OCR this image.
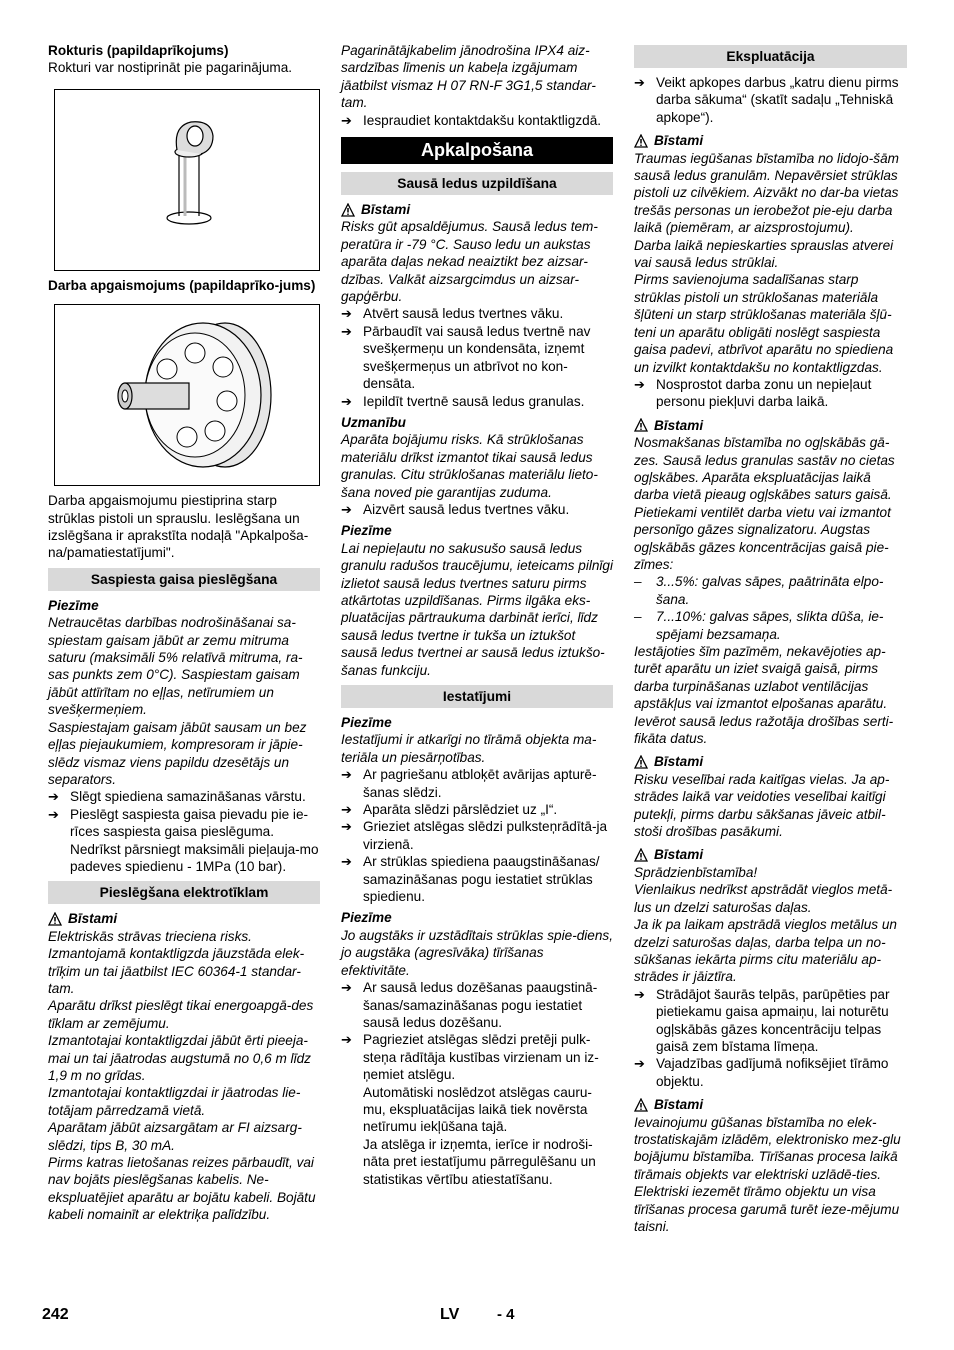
Rokturis (papildaprīkojums)

Rokturi var nostiprināt pie pagarinājuma.

Darba apgaismojums (papildaprīko-jums)

Darba apgaismojumu piestiprina starp strūklas pistoli un sprauslu. Ieslēgšana un izslēgšana ir aprakstīta nodaļā "Apkalpoša-na/pamatiestatījumi".

Saspiesta gaisa pieslēgšana

Piezīme

Netraucētas darbības nodrošināšanai sa-spiestam gaisam jābūt ar zemu mitruma saturu (maksimāli 5% relatīvā mitruma, ra-sas punkts zem 0°C). Saspiestam gaisam jābūt attīrītam no eļļas, netīrumiem un svešķermeņiem.

Saspiestajam gaisam jābūt sausam un bez eļļas piejaukumiem, kompresoram ir jāpie-slēdz vismaz viens papildu dzesētājs un separators.

➔ Slēgt spiediena samazināšanas vārstu.
➔ Pieslēgt saspiesta gaisa pievadu pie ie-rīces saspiesta gaisa pieslēguma.

Nedrīkst pārsniegt maksimāli pieļauja-mo padeves spiedienu - 1MPa (10 bar).

Pieslēgšana elektrotīklam
Bīstami

Elektriskās strāvas trieciena risks.

Izmantojamā kontaktligzda jāuzstāda elek-trīķim un tai jāatbilst IEC 60364-1 standar-tam.

Aparātu drīkst pieslēgt tikai energoapgā-des tīklam ar zemējumu.

Izmantotajai kontaktligzdai jābūt ērti pieeja-mai un tai jāatrodas augstumā no 0,6 m līdz 1,9 m no grīdas.

Izmantotajai kontaktligzdai ir jāatrodas lie-totājam pārredzamā vietā.

Aparātam jābūt aizsargātam ar FI aizsarg-slēdzi, tips B, 30 mA.

Pirms katras lietošanas reizes pārbaudīt, vai nav bojāts pieslēgšanas kabelis. Ne-ekspluatējiet aparātu ar bojātu kabeli. Bojātu kabeli nomainīt ar elektriķa palīdzību.

Pagarinātājkabelim jānodrošina IPX4 aiz-sardzības līmenis un kabeļa izgājumam jāatbilst vismaz H 07 RN-F 3G1,5 standar-tam.

➔ Iespraudiet kontaktdakšu kontaktligzdā.
Apkalpošana
Sausā ledus uzpildīšana
Bīstami

Risks gūt apsaldējumus. Sausā ledus tem-peratūra ir -79 °C. Sauso ledu un aukstas aparāta daļas nekad neaiztikt bez aizsar-dzības. Valkāt aizsargcimdus un aizsar-gapģērbu.

➔ Atvērt sausā ledus tvertnes vāku.
➔ Pārbaudīt vai sausā ledus tvertnē nav svešķermeņu un kondensāta, izņemt svešķermeņus un atbrīvot no kon-densāta.
➔ Iepildīt tvertnē sausā ledus granulas.

Uzmanību

Aparāta bojājumu risks. Kā strūklošanas materiālu drīkst izmantot tikai sausā ledus granulas. Citu strūklošanas materiālu lieto-šana noved pie garantijas zuduma.

➔ Aizvērt sausā ledus tvertnes vāku.

Piezīme

Lai nepieļautu no sakusušo sausā ledus granulu radušos traucējumu, ieteicams pilnīgi izlietot sausā ledus tvertnes saturu pirms atkārtotas uzpildīšanas. Pirms ilgāka eks-pluatācijas pārtraukuma darbināt ierīci, līdz sausā ledus tvertne ir tukša un iztukšot sausā ledus tvertnei ar sausā ledus iztukšo-šanas funkciju.

Iestatījumi

Piezīme

Iestatījumi ir atkarīgi no tīrāmā objekta ma-teriāla un piesārņotības.

➔ Ar pagriešanu atbloķēt avārijas apturē-šanas slēdzi.
➔ Aparāta slēdzi pārslēdziet uz „I“.
➔ Grieziet atslēgas slēdzi pulksteņrādītā-ja virzienā.
➔ Ar strūklas spiediena paaugstināšanas/ samazināšanas pogu iestatiet strūklas spiedienu.

Piezīme

Jo augstāks ir uzstādītais strūklas spie-diens, jo augstāka (agresīvāka) tīrīšanas efektivitāte.

➔ Ar sausā ledus dozēšanas paaugstinā-šanas/samazināšanas pogu iestatiet sausā ledus dozēšanu.
➔ Pagrieziet atslēgas slēdzi pretēji pulk-steņa rādītāja kustības virzienam un iz-ņemiet atslēgu.

Automātiski noslēdzot atslēgas cauru-mu, ekspluatācijas laikā tiek novērsta netīrumu iekļūšana tajā.

Ja atslēga ir izņemta, ierīce ir nodroši-nāta pret iestatījumu pārregulēšanu un statistikas vērtību atiestatīšanu.

Ekspluatācija
➔ Veikt apkopes darbus „katru dienu pirms darba sākuma“ (skatīt sadaļu „Tehniskā apkope“).
Bīstami

Traumas iegūšanas bīstamība no lidojo-šām sausā ledus granulām. Nepavērsiet strūklas pistoli uz cilvēkiem. Aizvākt no dar-ba vietas trešās personas un ierobežot pie-eju darba laikā (piemēram, ar aizsprostojumu).

Darba laikā nepieskarties sprauslas atverei vai sausā ledus strūklai.

Pirms savienojuma sadalīšanas starp strūklas pistoli un strūklošanas materiāla šļūteni un starp strūklošanas materiāla šļū-teni un aparātu obligāti noslēgt saspiesta gaisa padevi, atbrīvot aparātu no spiediena un izvilkt kontaktdakšu no kontaktligzdas.

➔ Nosprostot darba zonu un nepieļaut personu piekļuvi darba laikā.
Bīstami

Nosmakšanas bīstamība no ogļskābās gā-zes. Sausā ledus granulas sastāv no cietas ogļskābes. Aparāta ekspluatācijas laikā darba vietā pieaug ogļskābes saturs gaisā. Pietiekami ventilēt darba vietu vai izmantot personīgo gāzes signalizatoru. Augstas ogļskābās gāzes koncentrācijas gaisā pie-zīmes:

– 3...5%: galvas sāpes, paātrināta elpo-šana.
– 7...10%: galvas sāpes, slikta dūša, ie-spējami bezsamaņa.

Iestājoties šīm pazīmēm, nekavējoties ap-turēt aparātu un iziet svaigā gaisā, pirms darba turpināšanas uzlabot ventilācijas apstākļus vai izmantot elpošanas aparātu. Ievērot sausā ledus ražotāja drošības serti-fikāta datus.

Bīstami

Risku veselībai rada kaitīgas vielas. Ja ap-strādes laikā var veidoties veselībai kaitīgi putekļi, pirms darbu sākšanas jāveic atbil-stoši drošības pasākumi.

Bīstami

Sprādzienbīstamība!

Vienlaikus nedrīkst apstrādāt vieglos metā-lus un dzelzi saturošas daļas.

Ja ik pa laikam apstrādā vieglos metālus un dzelzi saturošas daļas, darba telpa un no-sūkšanas iekārta pirms citu materiālu ap-strādes ir jāiztīra.

➔ Strādājot šaurās telpās, parūpēties par pietiekamu gaisa apmaiņu, lai noturētu ogļskābās gāzes koncentrāciju telpas gaisā zem bīstama līmeņa.
➔ Vajadzības gadījumā nofiksējiet tīrāmo objektu.
Bīstami

Ievainojumu gūšanas bīstamība no elek-trostatiskajām izlādēm, elektronisko mez-glu bojājumu bīstamība. Tīrīšanas procesa laikā tīrāmais objekts var elektriski uzlādē-ties. Elektriski iezemēt tīrāmo objektu un visa tīrīšanas procesa garumā turēt ieze-mējumu taisni.

242	LV	- 4
